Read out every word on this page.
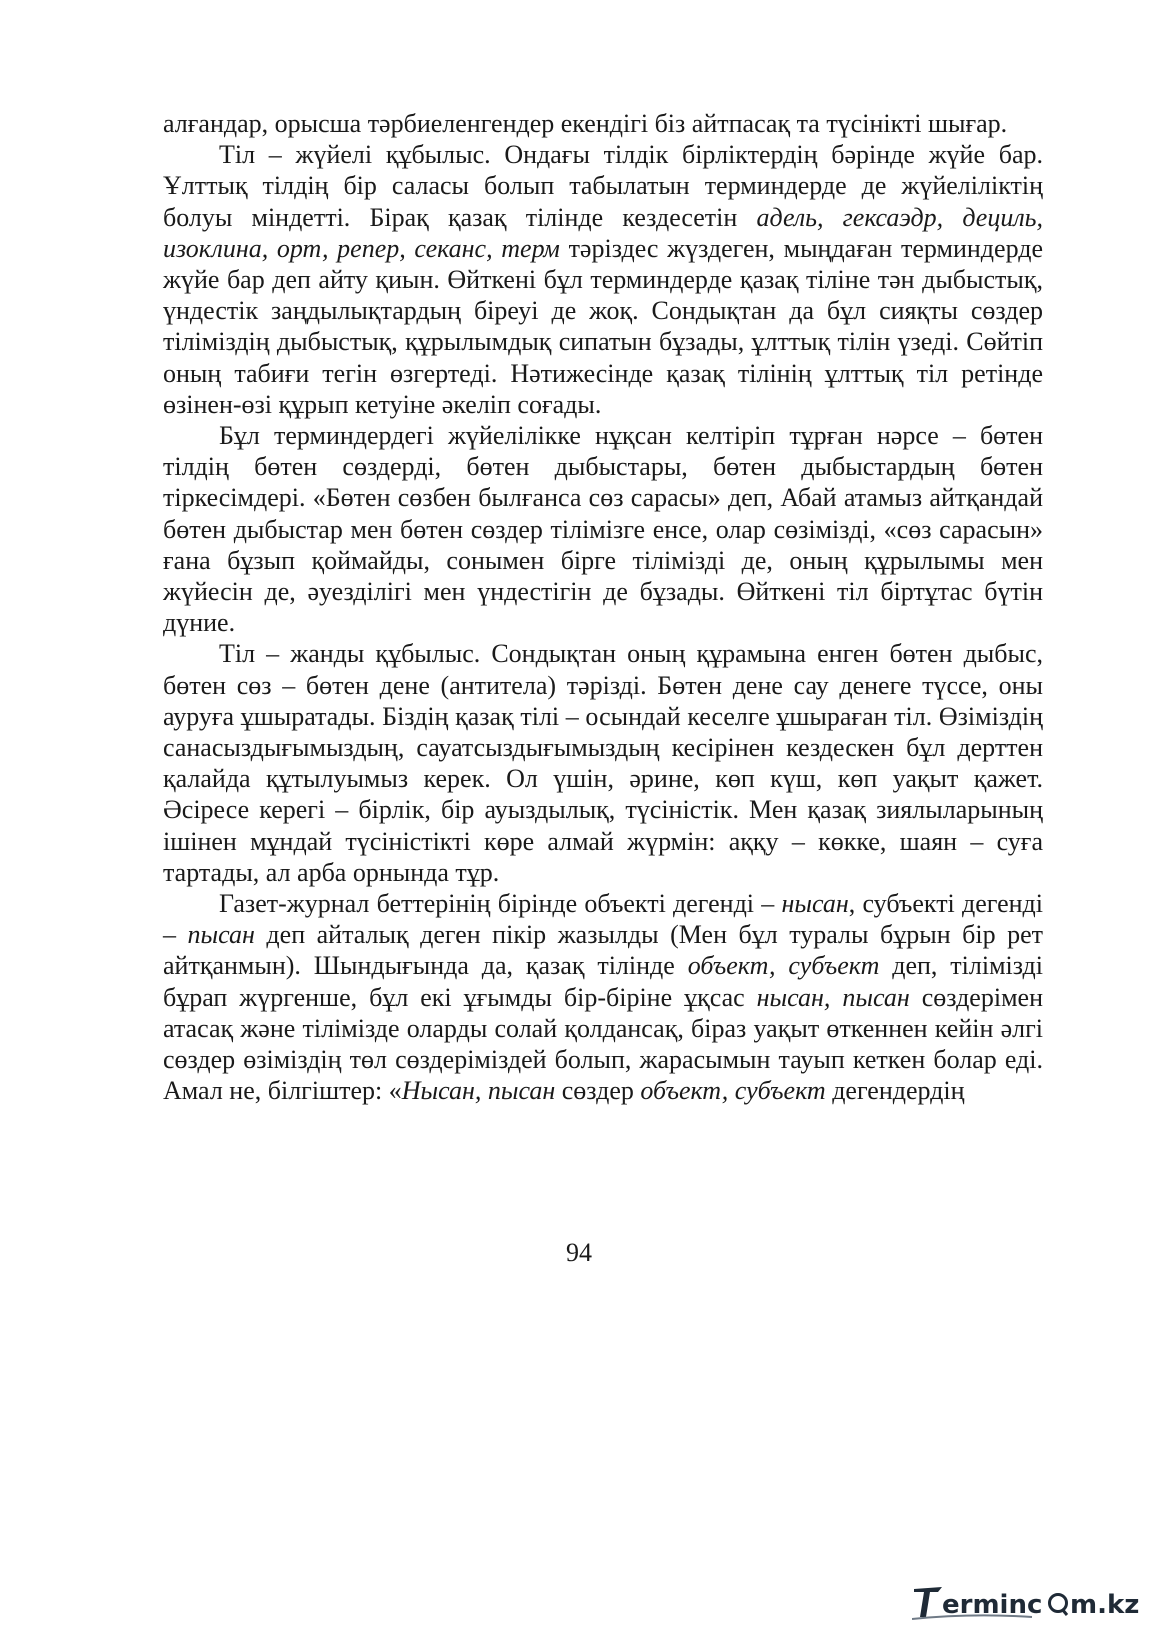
алғандар, орысша тәрбиеленгендер екендігі біз айтпасақ та түсінікті шығар.

Тіл – жүйелі құбылыс. Ондағы тілдік бірліктердің бәрінде жүйе бар. Ұлттық тілдің бір саласы болып табылатын терминдерде де жүйеліліктің болуы міндетті. Бірақ қазақ тілінде кездесетін адель, гексаэдр, дециль, изоклина, орт, репер, секанс, терм тәріздес жүздеген, мыңдаған терминдерде жүйе бар деп айту қиын. Өйткені бұл терминдерде қазақ тіліне тән дыбыстық, үндестік заңдылықтардың біреуі де жоқ. Сондықтан да бұл сияқты сөздер тіліміздің дыбыстық, құрылымдық сипатын бұзады, ұлттық тілін үзеді. Сөйтіп оның табиғи тегін өзгертеді. Нәтижесінде қазақ тілінің ұлттық тіл ретінде өзінен-өзі құрып кетуіне әкеліп соғады.

Бұл терминдердегі жүйелілікке нұқсан келтіріп тұрған нәрсе – бөтен тілдің бөтен сөздерді, бөтен дыбыстары, бөтен дыбыстардың бөтен тіркесімдері. «Бөтен сөзбен былғанса сөз сарасы» деп, Абай атамыз айтқандай бөтен дыбыстар мен бөтен сөздер тілімізге енсе, олар сөзімізді, «сөз сарасын» ғана бұзып қоймайды, сонымен бірге тілімізді де, оның құрылымы мен жүйесін де, әуезділігі мен үндестігін де бұзады. Өйткені тіл біртұтас бүтін дүние.

Тіл – жанды құбылыс. Сондықтан оның құрамына енген бөтен дыбыс, бөтен сөз – бөтен дене (антитела) тәрізді. Бөтен дене сау денеге түссе, оны ауруға ұшыратады. Біздің қазақ тілі – осындай кеселге ұшыраған тіл. Өзіміздің санасыздығымыздың, сауатсыздығымыздың кесірінен кездескен бұл дерттен қалайда құтылуымыз керек. Ол үшін, әрине, көп күш, көп уақыт қажет. Әсіресе керегі – бірлік, бір ауыздылық, түсіністік. Мен қазақ зиялыларының ішінен мұндай түсіністікті көре алмай жүрмін: аққу – көкке, шаян – суға тартады, ал арба орнында тұр.

Газет-журнал беттерінің бірінде объекті дегенді – нысан, субъекті дегенді – пысан деп айталық деген пікір жазылды (Мен бұл туралы бұрын бір рет айтқанмын). Шындығында да, қазақ тілінде объект, субъект деп, тілімізді бұрап жүргенше, бұл екі ұғымды бір-біріне ұқсас нысан, пысан сөздерімен атасақ және тілімізде оларды солай қолдансақ, біраз уақыт өткеннен кейін әлгі сөздер өзіміздің төл сөздеріміздей болып, жарасымын тауып кеткен болар еді. Амал не, білгіштер: «Нысан, пысан сөздер объект, субъект дегендердің

94
erminc m.kz
